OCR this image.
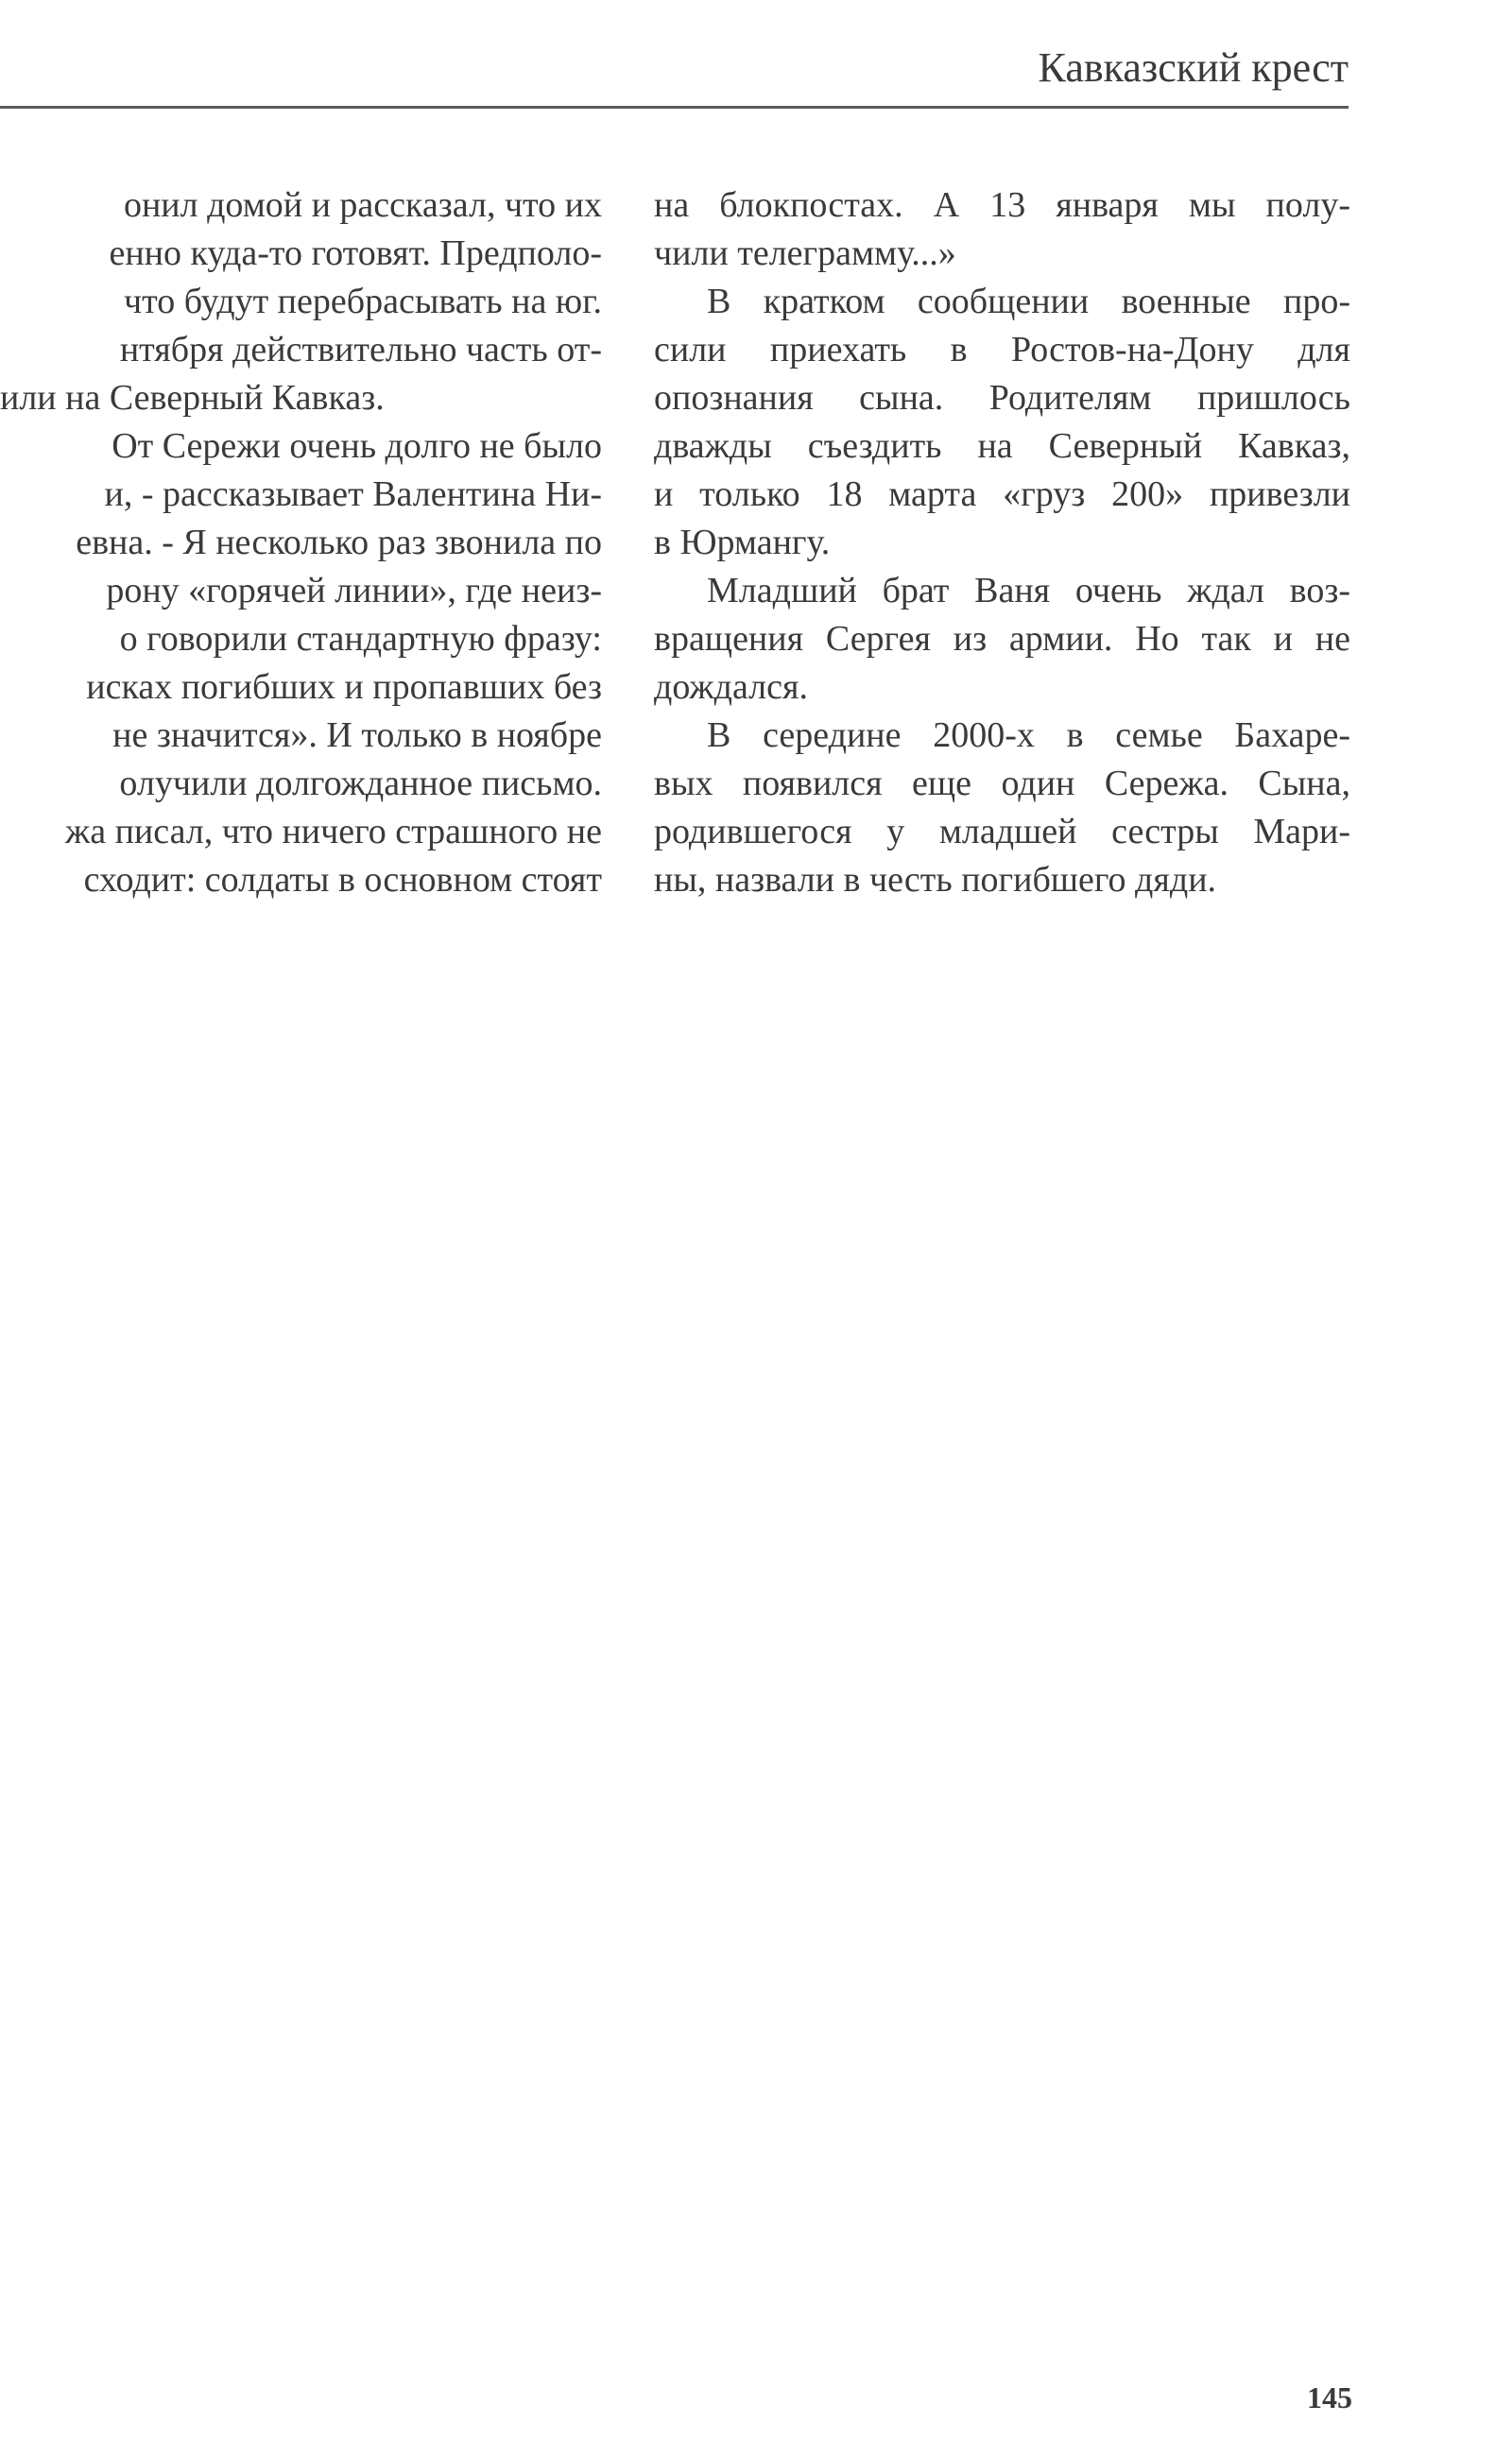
Кавказский крест
онил домой и рассказал, что их
енно куда-то готовят. Предполо-
что будут перебрасывать на юг.
нтября действительно часть от-
или на Северный Кавказ.
От Сережи очень долго не было
и, - рассказывает Валентина Ни-
евна. - Я несколько раз звонила по
рону «горячей линии», где неиз-
о говорили стандартную фразу:
исках погибших и пропавших без
не значится». И только в ноябре
олучили долгожданное письмо.
жа писал, что ничего страшного не
сходит: солдаты в основном стоят
на блокпостах. А 13 января мы полу-
чили телеграмму...»
В кратком сообщении военные про-
сили приехать в Ростов-на-Дону для
опознания сына. Родителям пришлось
дважды съездить на Северный Кавказ,
и только 18 марта «груз 200» привезли
в Юрмангу.
Младший брат Ваня очень ждал воз-
вращения Сергея из армии. Но так и не
дождался.
В середине 2000-х в семье Бахаре-
вых появился еще один Сережа. Сына,
родившегося у младшей сестры Мари-
ны, назвали в честь погибшего дяди.
145
